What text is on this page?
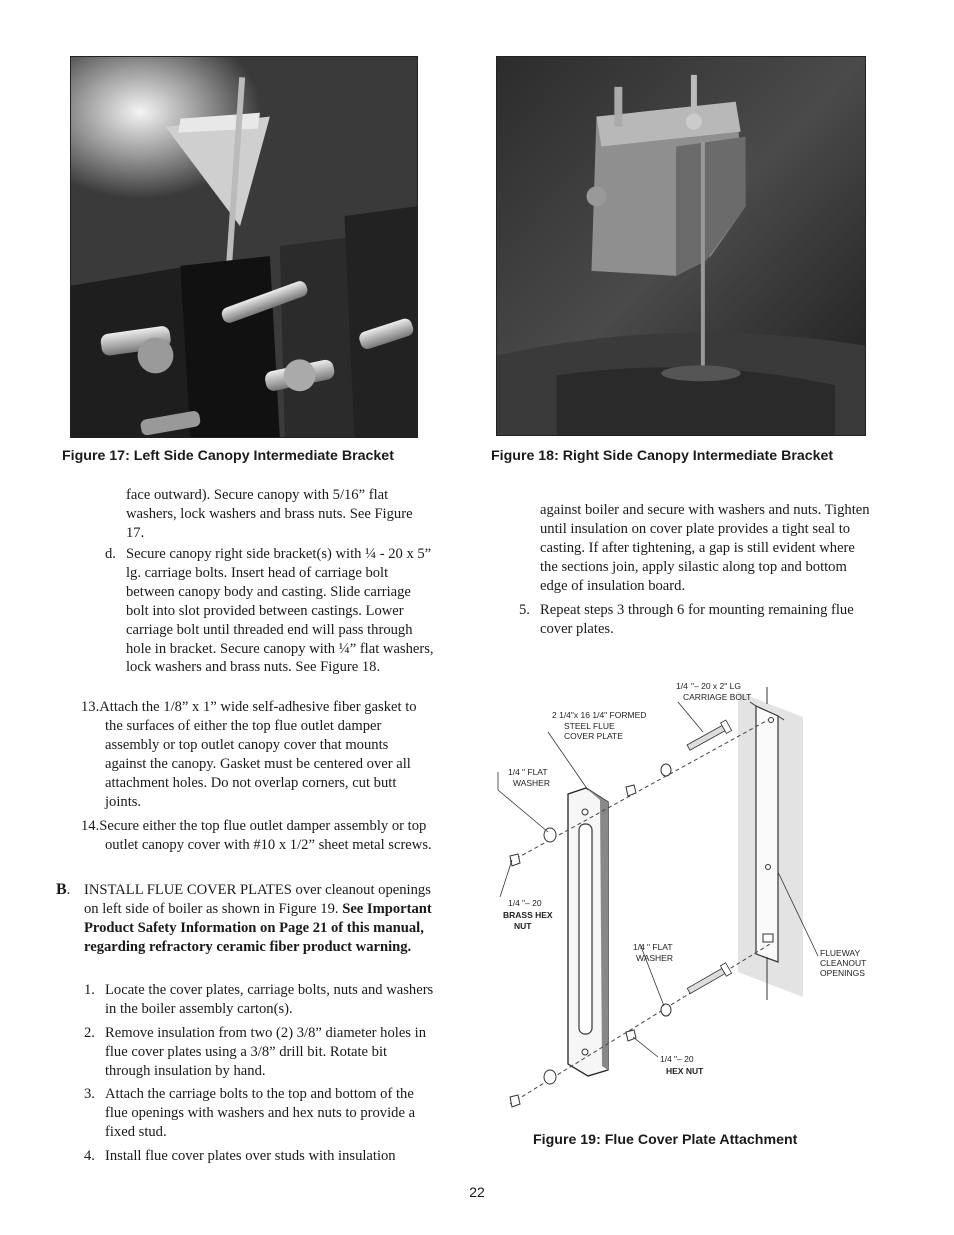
Figure 17: Left Side Canopy Intermediate Bracket	Figure 18: Right Side Canopy Intermediate Bracket
face outward). Secure canopy with 5/16” flat washers, lock washers and brass nuts. See Figure 17.
d. Secure canopy right side bracket(s) with ¼ - 20 x 5” lg. carriage bolts. Insert head of carriage bolt between canopy body and casting. Slide carriage bolt into slot provided between castings. Lower carriage bolt until threaded end will pass through hole in bracket. Secure canopy with ¼” flat washers, lock washers and brass nuts. See Figure 18.
13.Attach the 1/8” x 1” wide self-adhesive fiber gasket to the surfaces of either the top flue outlet damper assembly or top outlet canopy cover that mounts against the canopy. Gasket must be centered over all attachment holes. Do not overlap corners, cut butt joints.
14.Secure either the top flue outlet damper assembly or top outlet canopy cover with #10 x 1/2” sheet metal screws.
B. INSTALL FLUE COVER PLATES over cleanout openings on left side of boiler as shown in Figure 19. See Important Product Safety Information on Page 21 of this manual, regarding refractory ceramic fiber product warning.
1. Locate the cover plates, carriage bolts, nuts and washers in the boiler assembly carton(s).
2. Remove insulation from two (2) 3/8” diameter holes in flue cover plates using a 3/8” drill bit. Rotate bit through insulation by hand.
3. Attach the carriage bolts to the top and bottom of the flue openings with washers and hex nuts to provide a fixed stud.
4. Install flue cover plates over studs with insulation
against boiler and secure with washers and nuts. Tighten until insulation on cover plate provides a tight seal to casting. If after tightening, a gap is still evident where the sections join, apply silastic along top and bottom edge of insulation board.
5. Repeat steps 3 through 6 for mounting remaining flue cover plates.
1/4 "– 20 x 2" LG
CARRIAGE BOLT
2 1/4"x 16 1/4" FORMED
STEEL FLUE
COVER PLATE
1/4 " FLAT
WASHER
1/4 "– 20
BRASS HEX
NUT
1/4 " FLAT
WASHER
1/4 "– 20
HEX NUT
FLUEWAY
CLEANOUT
OPENINGS
Figure 19: Flue Cover Plate Attachment
22
